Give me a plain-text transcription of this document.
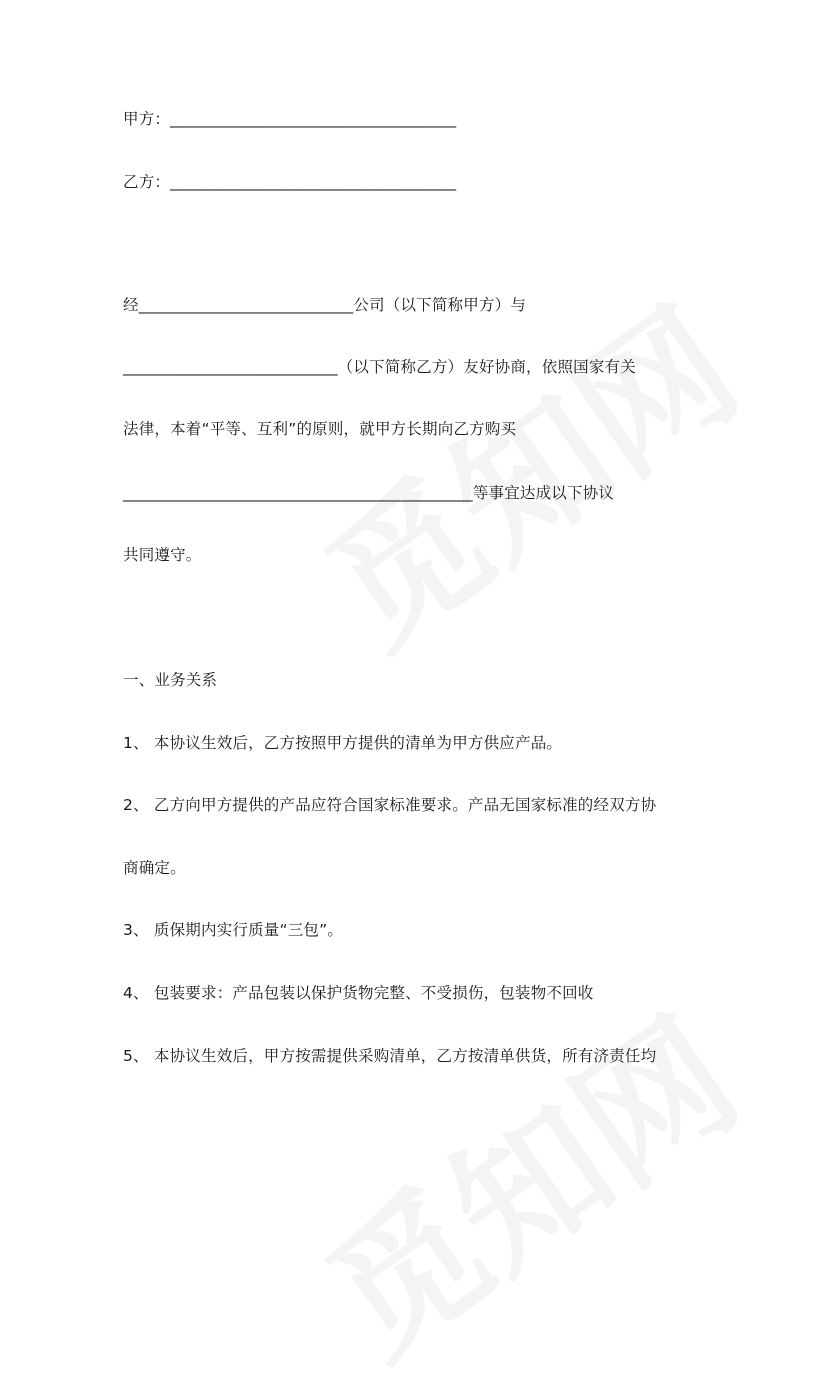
甲方：____________________________________
乙方：____________________________________
经___________________________公司（以下简称甲方）与
___________________________（以下简称乙方）友好协商，依照国家有关
法律，本着“平等、互利”的原则，就甲方长期向乙方购买
____________________________________________等事宜达成以下协议
共同遵守。
一、业务关系
1、 本协议生效后，乙方按照甲方提供的清单为甲方供应产品。
2、 乙方向甲方提供的产品应符合国家标准要求。产品无国家标准的经双方协
商确定。
3、 质保期内实行质量“三包”。
4、 包装要求：产品包装以保护货物完整、不受损伤，包装物不回收
5、 本协议生效后，甲方按需提供采购清单，乙方按清单供货，所有济责任均
